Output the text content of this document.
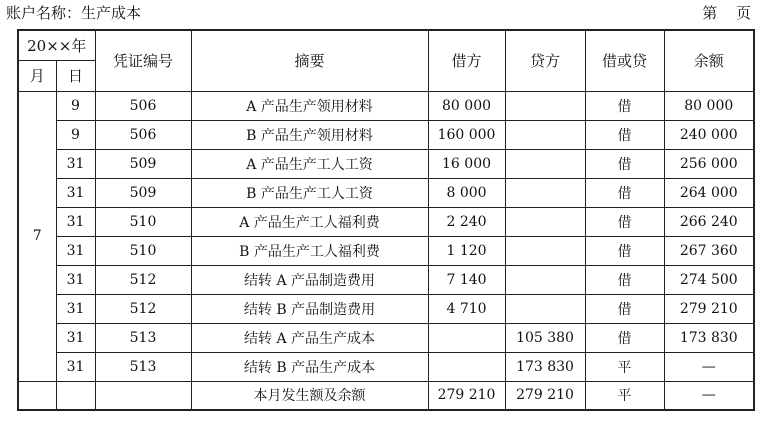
账户名称：生产成本	第 页
20××年		凭证编号	摘要	借方	贷方	借或贷	余额
月	日						
7	9	506	A 产品生产领用材料	80 000		借	80 000
	9	506	B 产品生产领用材料	160 000		借	240 000
	31	509	A 产品生产工人工资	16 000		借	256 000
	31	509	B 产品生产工人工资	8 000		借	264 000
	31	510	A 产品生产工人福利费	2 240		借	266 240
	31	510	B 产品生产工人福利费	1 120		借	267 360
	31	512	结转 A 产品制造费用	7 140		借	274 500
	31	512	结转 B 产品制造费用	4 710		借	279 210
	31	513	结转 A 产品生产成本		105 380	借	173 830
	31	513	结转 B 产品生产成本		173 830	平	—
			本月发生额及余额	279 210	279 210	平	—
